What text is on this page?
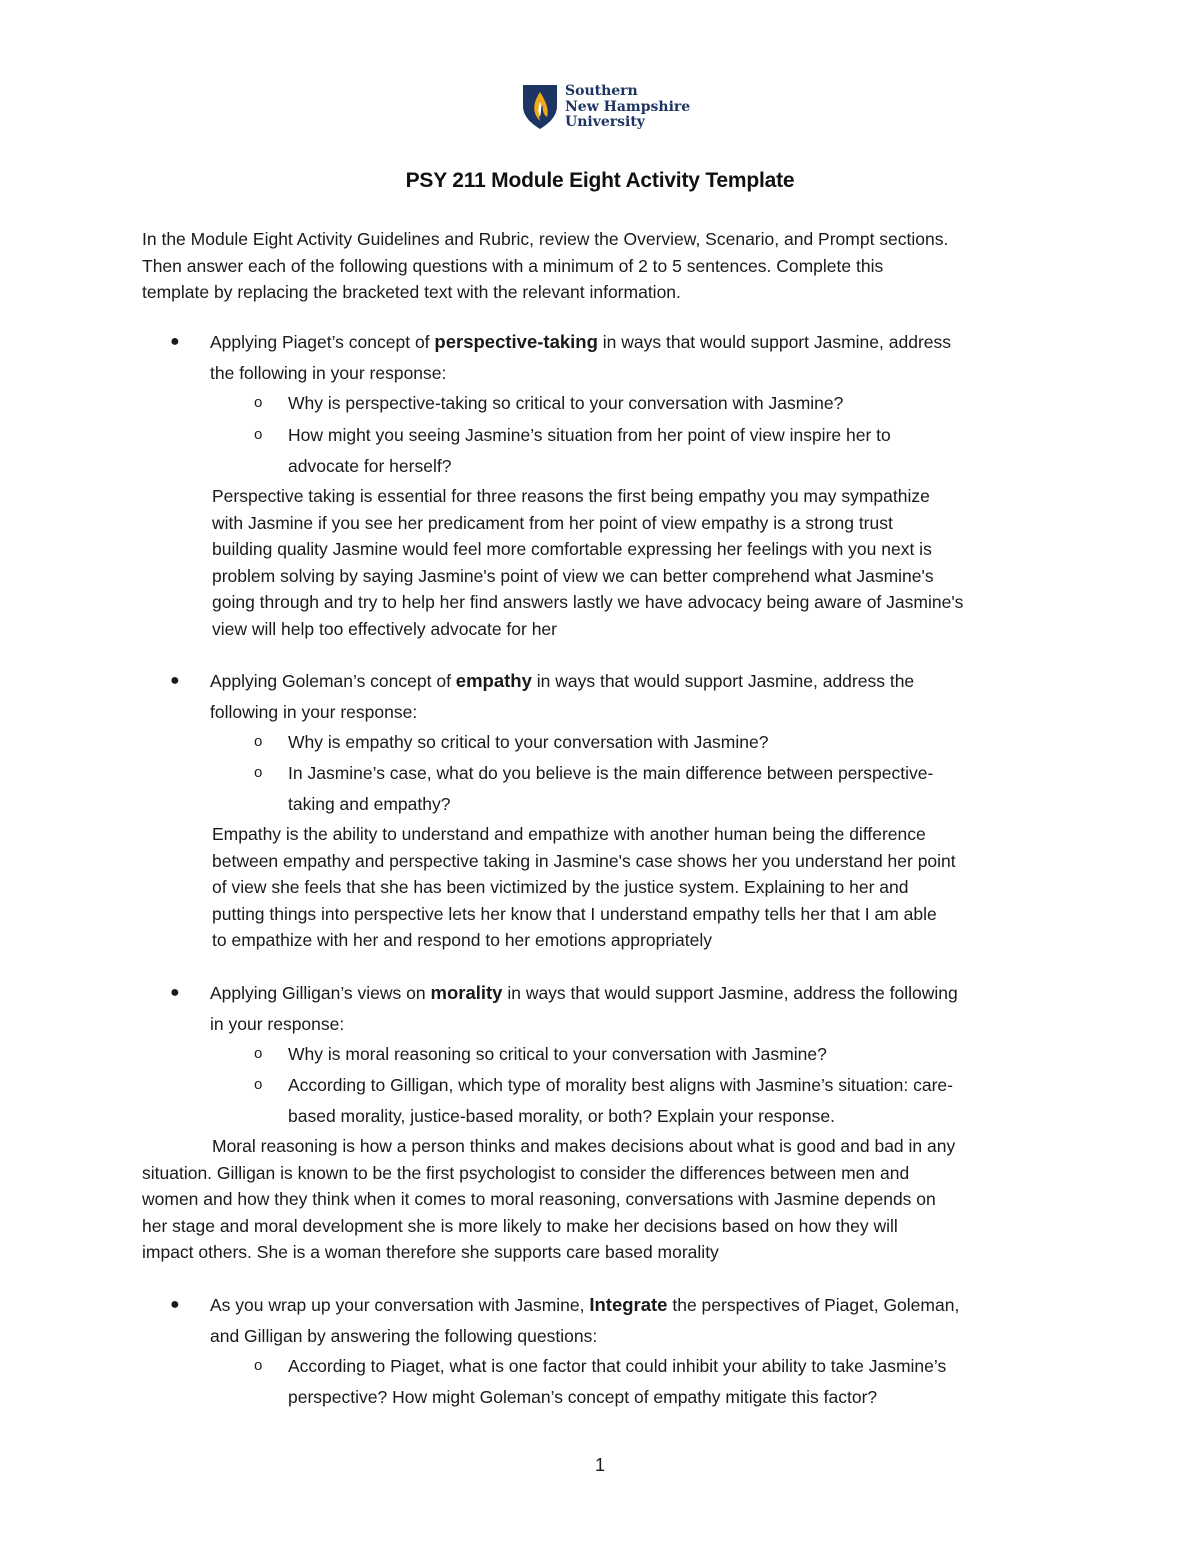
Southern
New Hampshire
University
PSY 211 Module Eight Activity Template
In the Module Eight Activity Guidelines and Rubric, review the Overview, Scenario, and Prompt sections.
Then answer each of the following questions with a minimum of 2 to 5 sentences. Complete this
template by replacing the bracketed text with the relevant information.
● Applying Piaget’s concept of perspective-taking in ways that would support Jasmine, address
the following in your response:
o Why is perspective-taking so critical to your conversation with Jasmine?
o How might you seeing Jasmine’s situation from her point of view inspire her to
advocate for herself?
Perspective taking is essential for three reasons the first being empathy you may sympathize
with Jasmine if you see her predicament from her point of view empathy is a strong trust
building quality Jasmine would feel more comfortable expressing her feelings with you next is
problem solving by saying Jasmine's point of view we can better comprehend what Jasmine's
going through and try to help her find answers lastly we have advocacy being aware of Jasmine's
view will help too effectively advocate for her
● Applying Goleman’s concept of empathy in ways that would support Jasmine, address the
following in your response:
o Why is empathy so critical to your conversation with Jasmine?
o In Jasmine’s case, what do you believe is the main difference between perspective-
taking and empathy?
Empathy is the ability to understand and empathize with another human being the difference
between empathy and perspective taking in Jasmine's case shows her you understand her point
of view she feels that she has been victimized by the justice system. Explaining to her and
putting things into perspective lets her know that I understand empathy tells her that I am able
to empathize with her and respond to her emotions appropriately
● Applying Gilligan’s views on morality in ways that would support Jasmine, address the following
in your response:
o Why is moral reasoning so critical to your conversation with Jasmine?
o According to Gilligan, which type of morality best aligns with Jasmine’s situation: care-
based morality, justice-based morality, or both? Explain your response.
Moral reasoning is how a person thinks and makes decisions about what is good and bad in any
situation. Gilligan is known to be the first psychologist to consider the differences between men and
women and how they think when it comes to moral reasoning, conversations with Jasmine depends on
her stage and moral development she is more likely to make her decisions based on how they will
impact others. She is a woman therefore she supports care based morality
● As you wrap up your conversation with Jasmine, Integrate the perspectives of Piaget, Goleman,
and Gilligan by answering the following questions:
o According to Piaget, what is one factor that could inhibit your ability to take Jasmine’s
perspective? How might Goleman’s concept of empathy mitigate this factor?
1
